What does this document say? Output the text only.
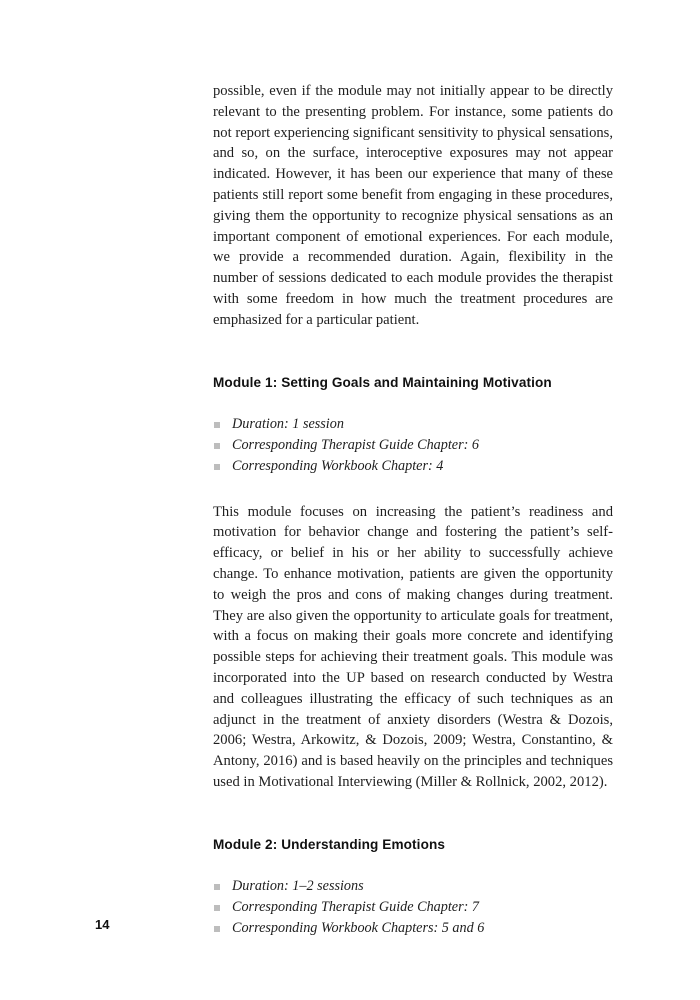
possible, even if the module may not initially appear to be directly relevant to the presenting problem. For instance, some patients do not report experiencing significant sensitivity to physical sensations, and so, on the surface, interoceptive exposures may not appear indicated. However, it has been our experience that many of these patients still report some benefit from engaging in these procedures, giving them the opportunity to recognize physical sensations as an important component of emotional experiences. For each module, we provide a recommended duration. Again, flexibility in the number of sessions dedicated to each module provides the therapist with some freedom in how much the treatment procedures are emphasized for a particular patient.

Module 1: Setting Goals and Maintaining Motivation
Duration: 1 session
Corresponding Therapist Guide Chapter: 6
Corresponding Workbook Chapter: 4

This module focuses on increasing the patient’s readiness and motivation for behavior change and fostering the patient’s self-efficacy, or belief in his or her ability to successfully achieve change. To enhance motivation, patients are given the opportunity to weigh the pros and cons of making changes during treatment. They are also given the opportunity to articulate goals for treatment, with a focus on making their goals more concrete and identifying possible steps for achieving their treatment goals. This module was incorporated into the UP based on research conducted by Westra and colleagues illustrating the efficacy of such techniques as an adjunct in the treatment of anxiety disorders (Westra & Dozois, 2006; Westra, Arkowitz, & Dozois, 2009; Westra, Constantino, & Antony, 2016) and is based heavily on the principles and techniques used in Motivational Interviewing (Miller & Rollnick, 2002, 2012).

Module 2: Understanding Emotions
Duration: 1–2 sessions
Corresponding Therapist Guide Chapter: 7
Corresponding Workbook Chapters: 5 and 6
14
